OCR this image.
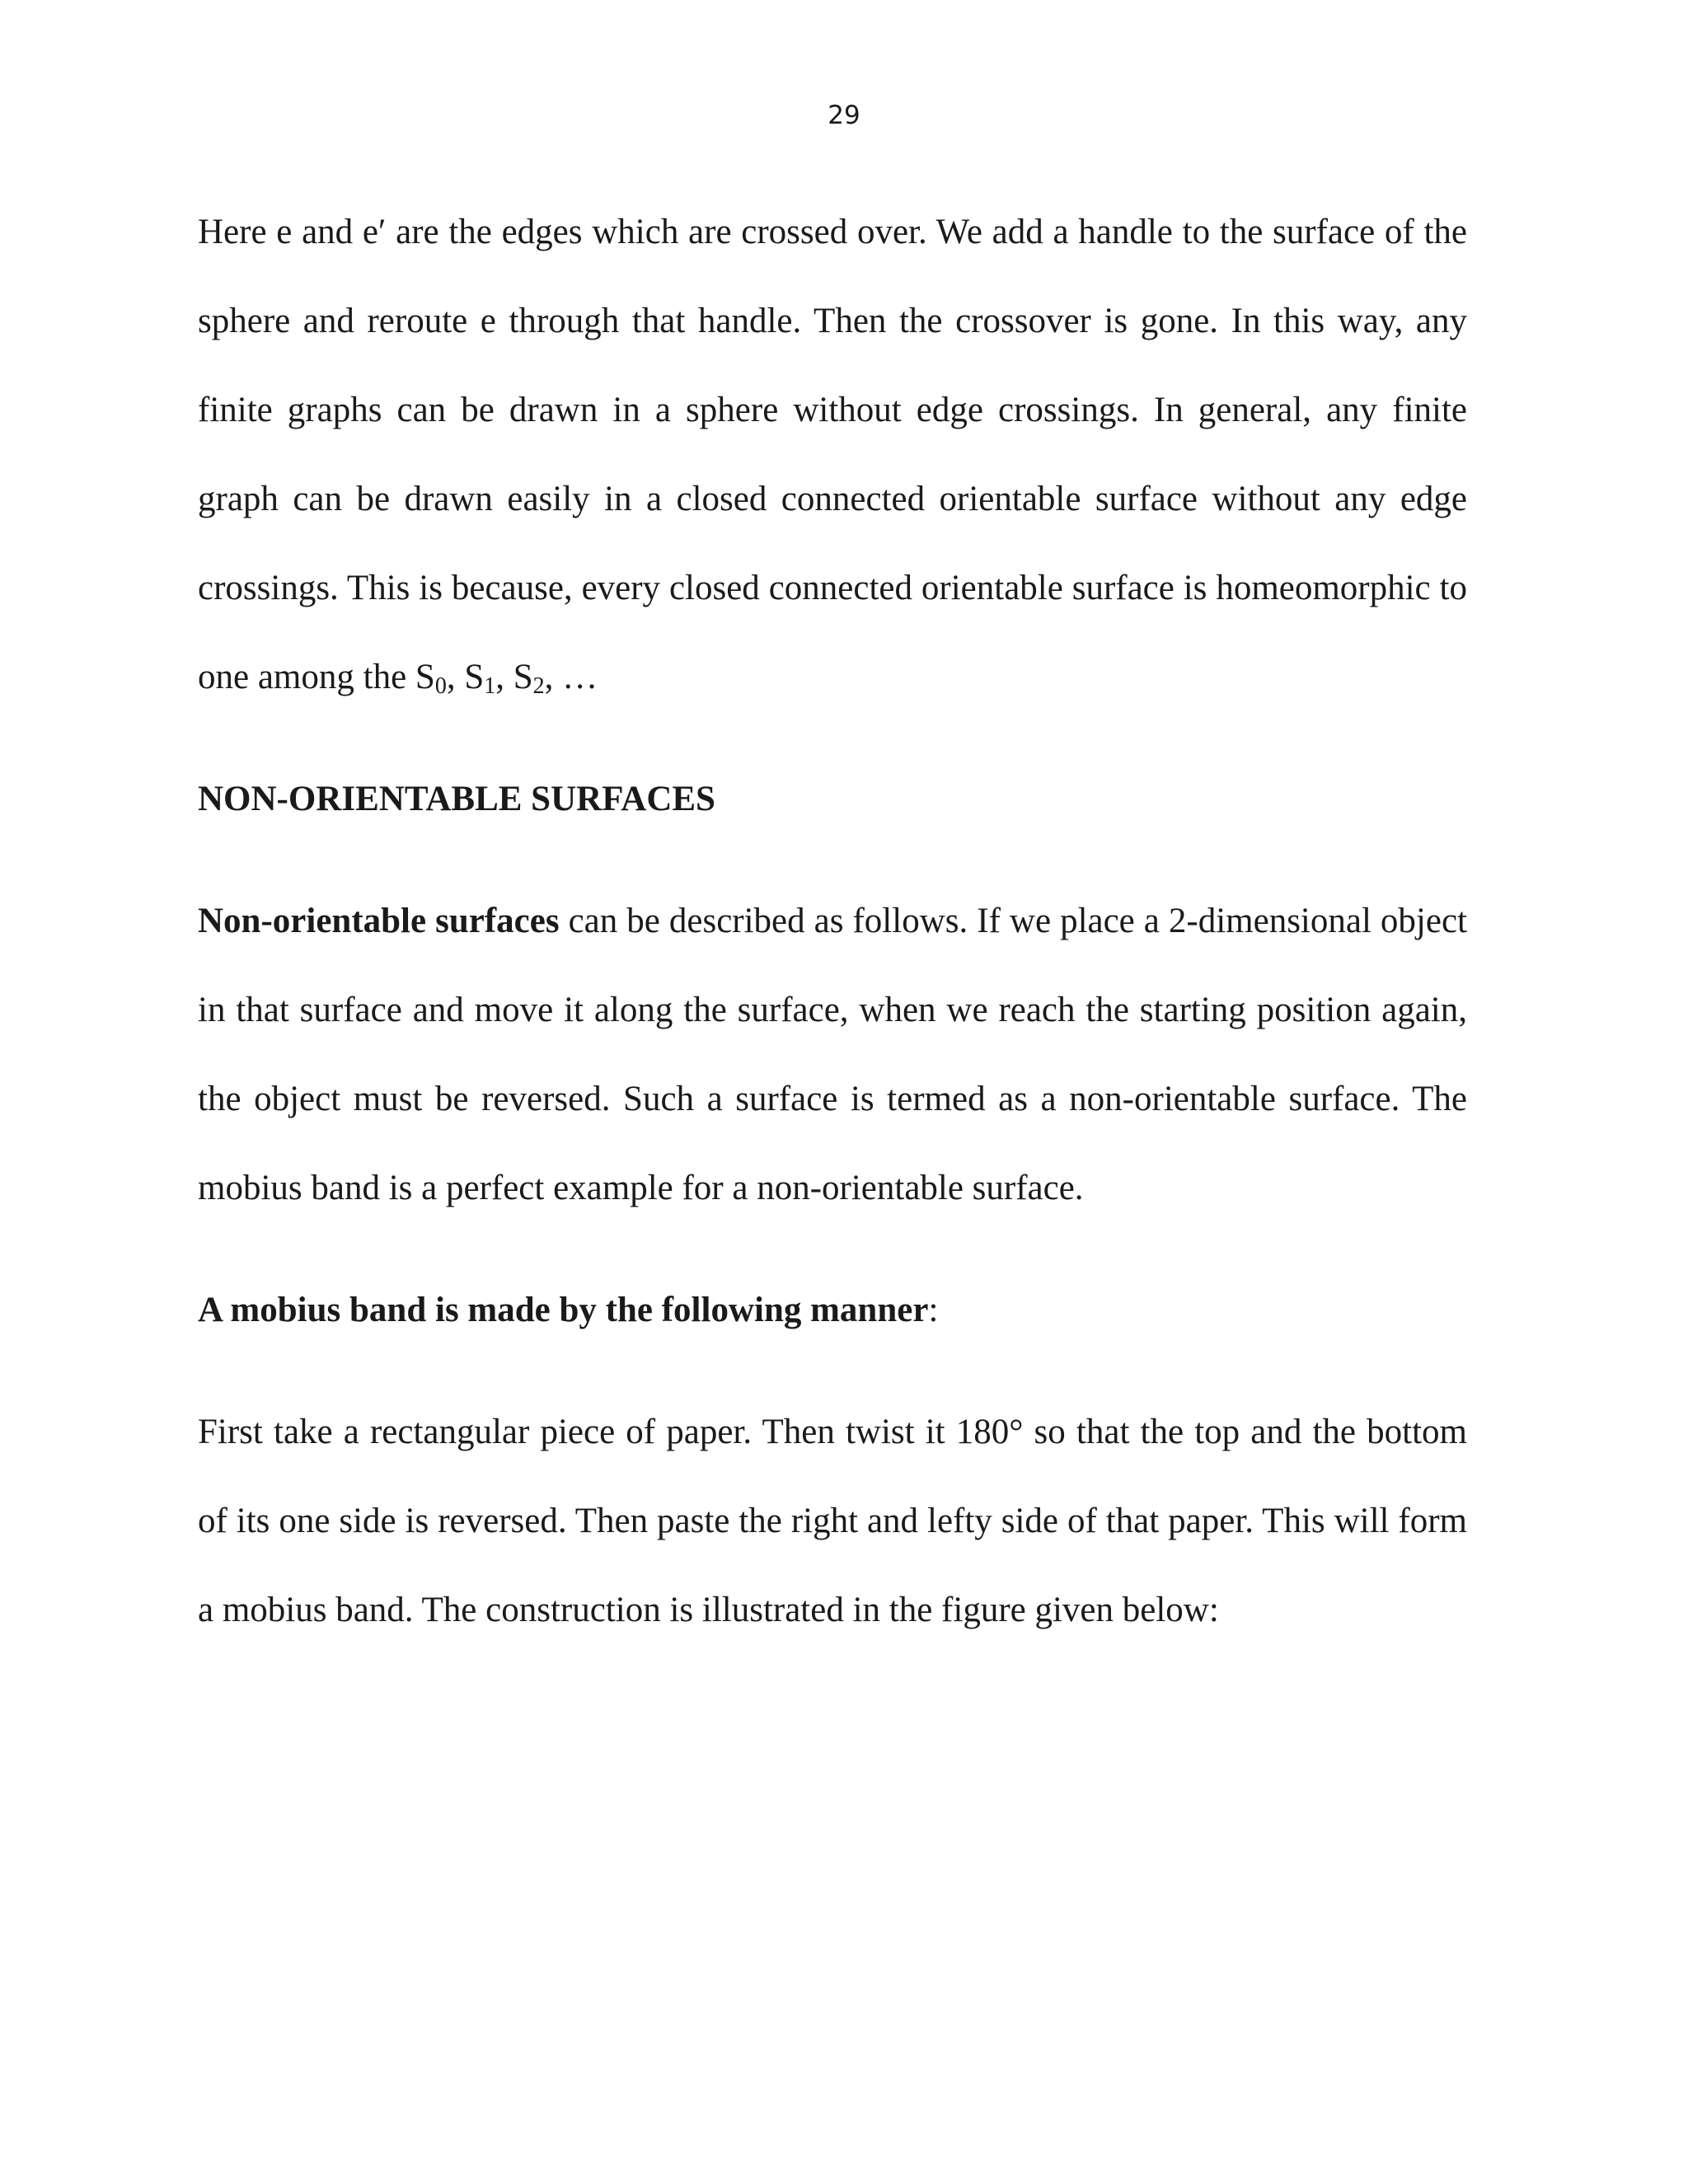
29

Here e and e′ are the edges which are crossed over. We add a handle to the surface of the sphere and reroute e through that handle. Then the crossover is gone. In this way, any finite graphs can be drawn in a sphere without edge crossings. In general, any finite graph can be drawn easily in a closed connected orientable surface without any edge crossings. This is because, every closed connected orientable surface is homeomorphic to one among the $S_0$, $S_1$, $S_2$, …

NON-ORIENTABLE SURFACES

Non-orientable surfaces can be described as follows. If we place a 2-dimensional object in that surface and move it along the surface, when we reach the starting position again, the object must be reversed. Such a surface is termed as a non-orientable surface. The mobius band is a perfect example for a non-orientable surface.

A mobius band is made by the following manner:

First take a rectangular piece of paper. Then twist it 180° so that the top and the bottom of its one side is reversed. Then paste the right and lefty side of that paper. This will form a mobius band. The construction is illustrated in the figure given below:
